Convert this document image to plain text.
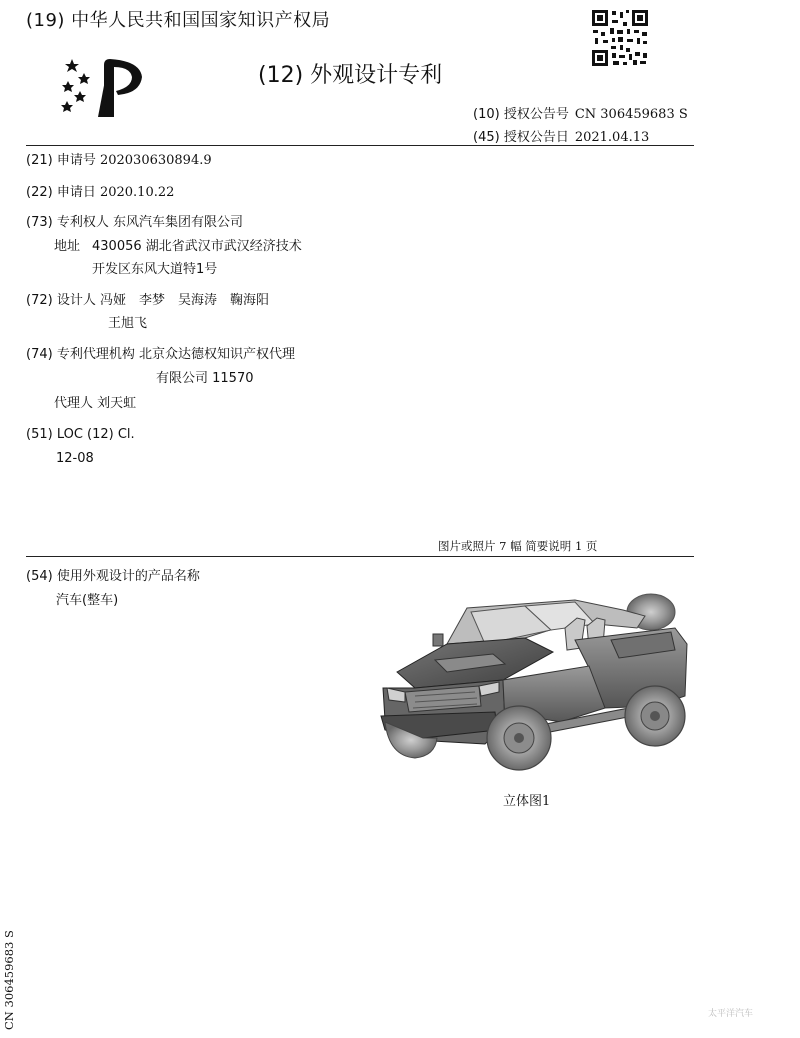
(19) 中华人民共和国国家知识产权局
(12) 外观设计专利
(10) 授权公告号 CN 306459683 S
(45) 授权公告日 2021.04.13
(21) 申请号 202030630894.9
(22) 申请日 2020.10.22
(73) 专利权人 东风汽车集团有限公司
地址 430056 湖北省武汉市武汉经济技术
开发区东风大道特1号
(72) 设计人 冯娅　李梦　吴海涛　鞠海阳
王旭飞
(74) 专利代理机构 北京众达德权知识产权代理
有限公司 11570
代理人 刘天虹
(51) LOC (12) Cl.
12-08
图片或照片 7 幅 简要说明 1 页
(54) 使用外观设计的产品名称
汽车(整车)
立体图1
CN 306459683 S	太平洋汽车
